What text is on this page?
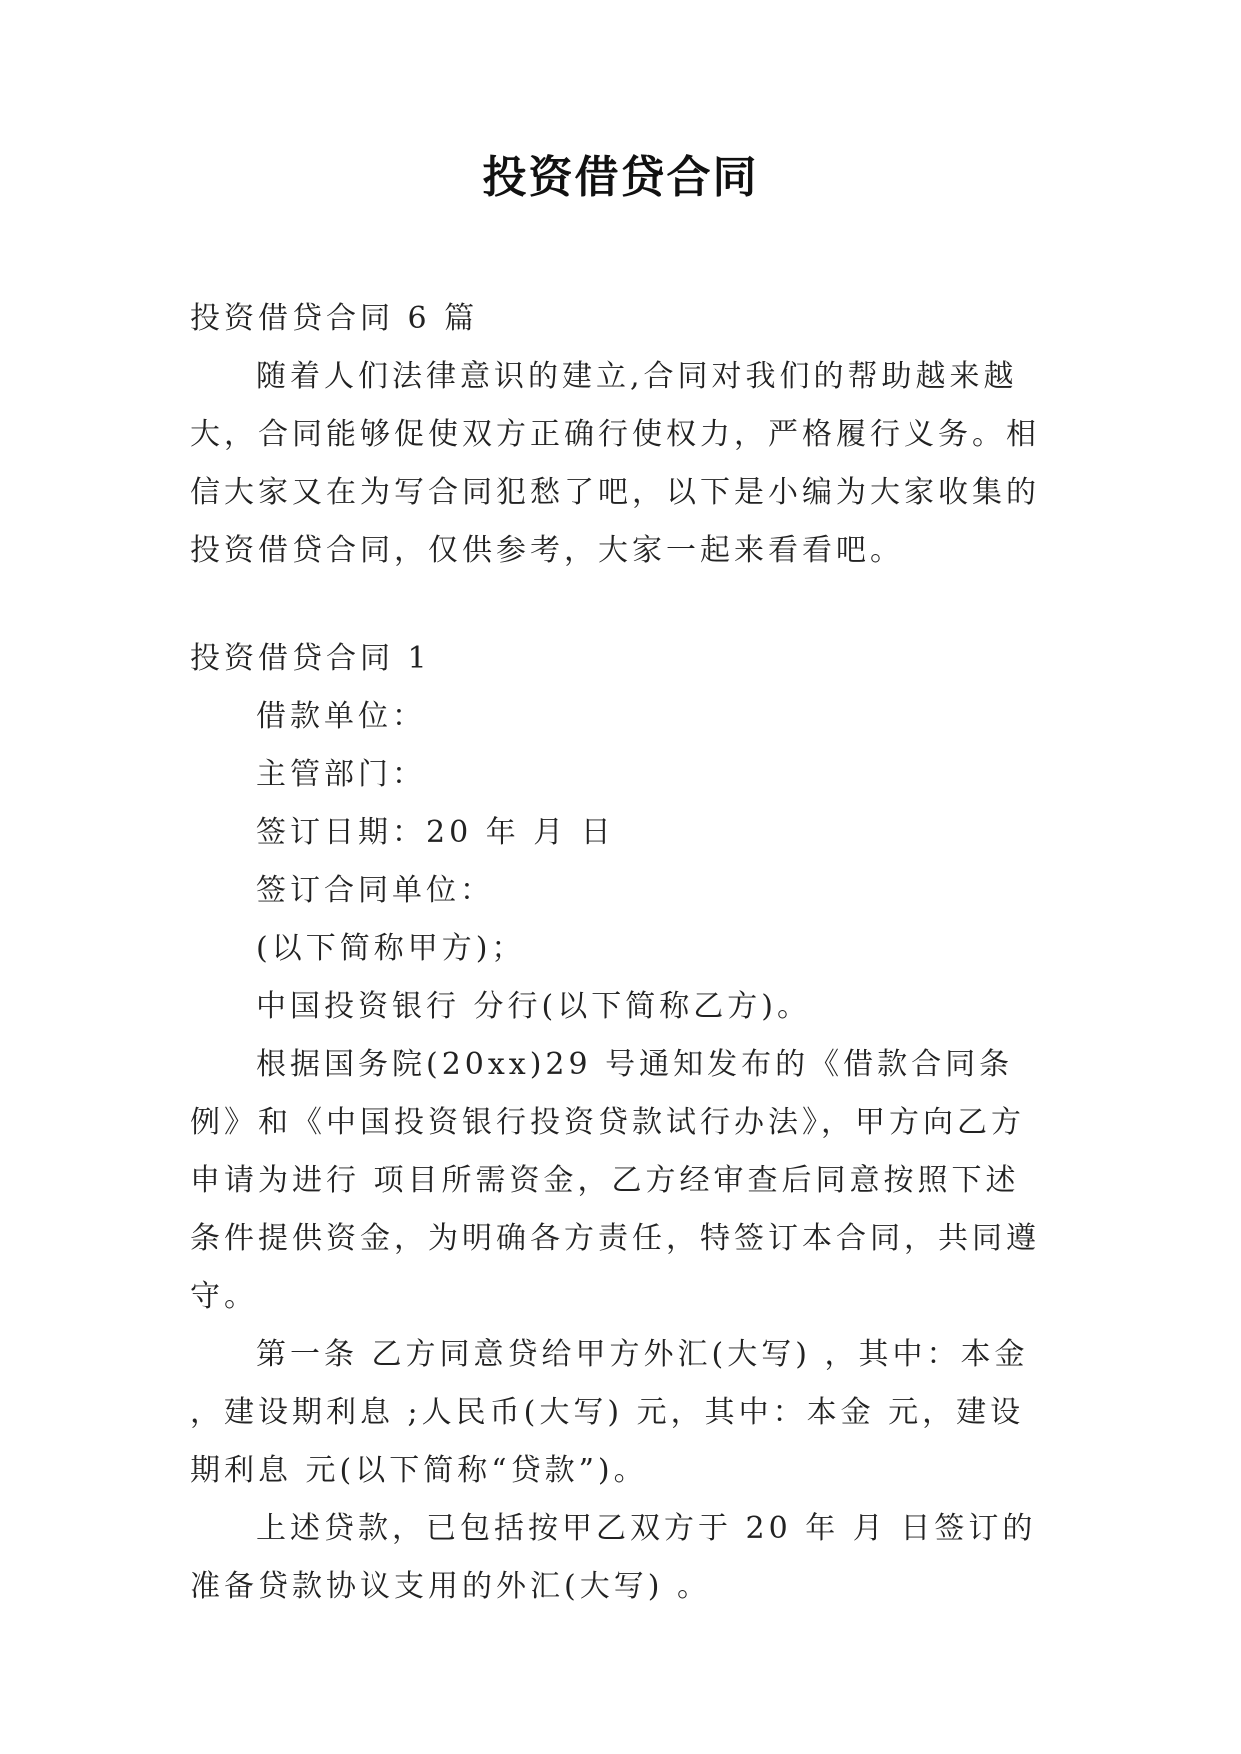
投资借贷合同

投资借贷合同 6 篇

随着人们法律意识的建立,合同对我们的帮助越来越大，合同能够促使双方正确行使权力，严格履行义务。相信大家又在为写合同犯愁了吧，以下是小编为大家收集的投资借贷合同，仅供参考，大家一起来看看吧。

投资借贷合同 1

借款单位：

主管部门：

签订日期：20 年 月 日

签订合同单位：

(以下简称甲方)；

中国投资银行 分行(以下简称乙方)。

根据国务院(20xx)29 号通知发布的《借款合同条例》和《中国投资银行投资贷款试行办法》，甲方向乙方申请为进行 项目所需资金，乙方经审查后同意按照下述条件提供资金，为明确各方责任，特签订本合同，共同遵守。

第一条 乙方同意贷给甲方外汇(大写) ，其中：本金 ，建设期利息 ;人民币(大写) 元，其中：本金 元，建设期利息 元(以下简称“贷款”)。

上述贷款，已包括按甲乙双方于 20 年 月 日签订的准备贷款协议支用的外汇(大写) 。
